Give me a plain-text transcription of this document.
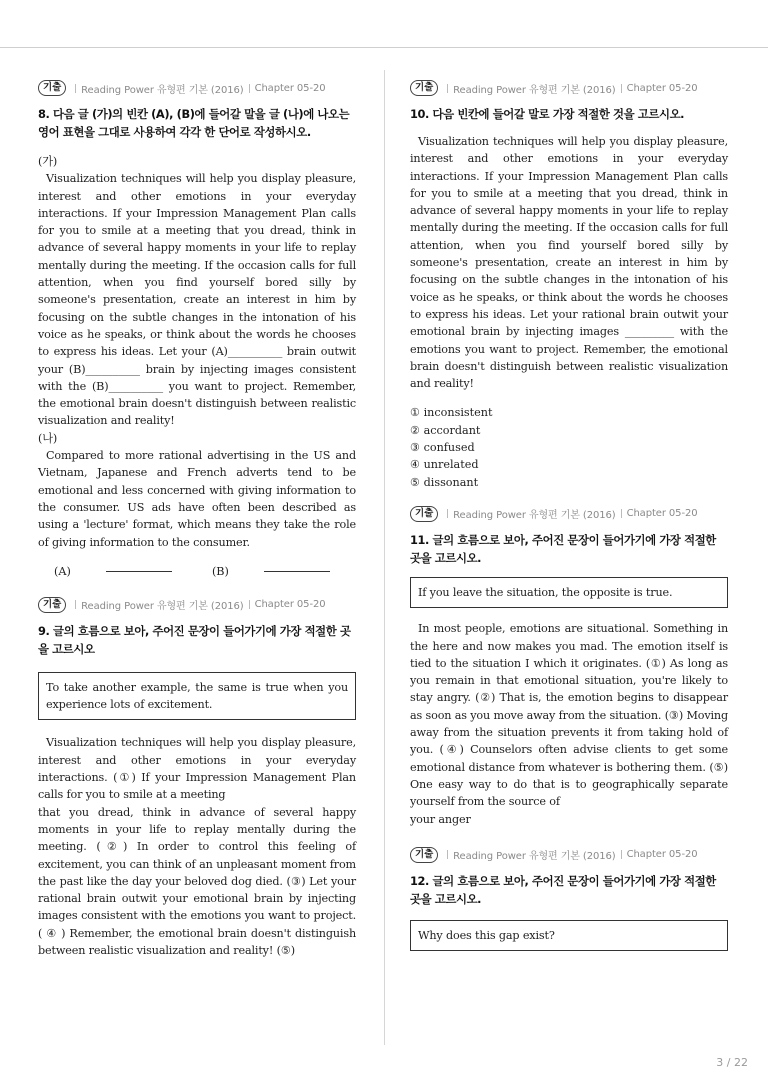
기출	Reading Power 유형편 기본 (2016) Chapter 05-20
8. 다음 글 (가)의 빈칸 (A), (B)에 들어갈 말을 글 (나)에 나오는 영어 표현을 그대로 사용하여 각각 한 단어로 작성하시오.
(가)
Visualization techniques will help you display pleasure, interest and other emotions in your everyday interactions. If your Impression Management Plan calls for you to smile at a meeting that you dread, think in advance of several happy moments in your life to replay mentally during the meeting. If the occasion calls for full attention, when you find yourself bored silly by someone's presentation, create an interest in him by focusing on the subtle changes in the intonation of his voice as he speaks, or think about the words he chooses to express his ideas. Let your (A)__________ brain outwit your (B)__________ brain by injecting images consistent with the (B)__________ you want to project. Remember, the emotional brain doesn't distinguish between realistic visualization and reality!
(나)
Compared to more rational advertising in the US and Vietnam, Japanese and French adverts tend to be emotional and less concerned with giving information to the consumer. US ads have often been described as using a 'lecture' format, which means they take the role of giving information to the consumer.
(A)	(B)
기출	Reading Power 유형편 기본 (2016) Chapter 05-20
9. 글의 흐름으로 보아, 주어진 문장이 들어가기에 가장 적절한 곳을 고르시오
To take another example, the same is true when you experience lots of excitement.
Visualization techniques will help you display pleasure, interest and other emotions in your everyday interactions. (①) If your Impression Management Plan calls for you to smile at a meeting
that you dread, think in advance of several happy moments in your life to replay mentally during the meeting. (②) In order to control this feeling of excitement, you can think of an unpleasant moment from the past like the day your beloved dog died. (③) Let your rational brain outwit your emotional brain by injecting images consistent with the emotions you want to project. ( ④ ) Remember, the emotional brain doesn't distinguish between realistic visualization and reality! (⑤)
기출	Reading Power 유형편 기본 (2016) Chapter 05-20
10. 다음 빈칸에 들어갈 말로 가장 적절한 것을 고르시오.
Visualization techniques will help you display pleasure, interest and other emotions in your everyday interactions. If your Impression Management Plan calls for you to smile at a meeting that you dread, think in advance of several happy moments in your life to replay mentally during the meeting. If the occasion calls for full attention, when you find yourself bored silly by someone's presentation, create an interest in him by focusing on the subtle changes in the intonation of his voice as he speaks, or think about the words he chooses to express his ideas. Let your rational brain outwit your emotional brain by injecting images _________ with the emotions you want to project. Remember, the emotional brain doesn't distinguish between realistic visualization and reality!
① inconsistent
② accordant
③ confused
④ unrelated
⑤ dissonant
기출	Reading Power 유형편 기본 (2016) Chapter 05-20
11. 글의 흐름으로 보아, 주어진 문장이 들어가기에 가장 적절한 곳을 고르시오.
If you leave the situation, the opposite is true.
In most people, emotions are situational. Something in the here and now makes you mad. The emotion itself is tied to the situation I which it originates. (①) As long as you remain in that emotional situation, you're likely to stay angry. (②) That is, the emotion begins to disappear as soon as you move away from the situation. (③) Moving away from the situation prevents it from taking hold of you. (④) Counselors often advise clients to get some emotional distance from whatever is bothering them. (⑤) One easy way to do that is to geographically separate yourself from the source of
your anger
기출	Reading Power 유형편 기본 (2016) Chapter 05-20
12. 글의 흐름으로 보아, 주어진 문장이 들어가기에 가장 적절한 곳을 고르시오.
Why does this gap exist?
3 / 22
